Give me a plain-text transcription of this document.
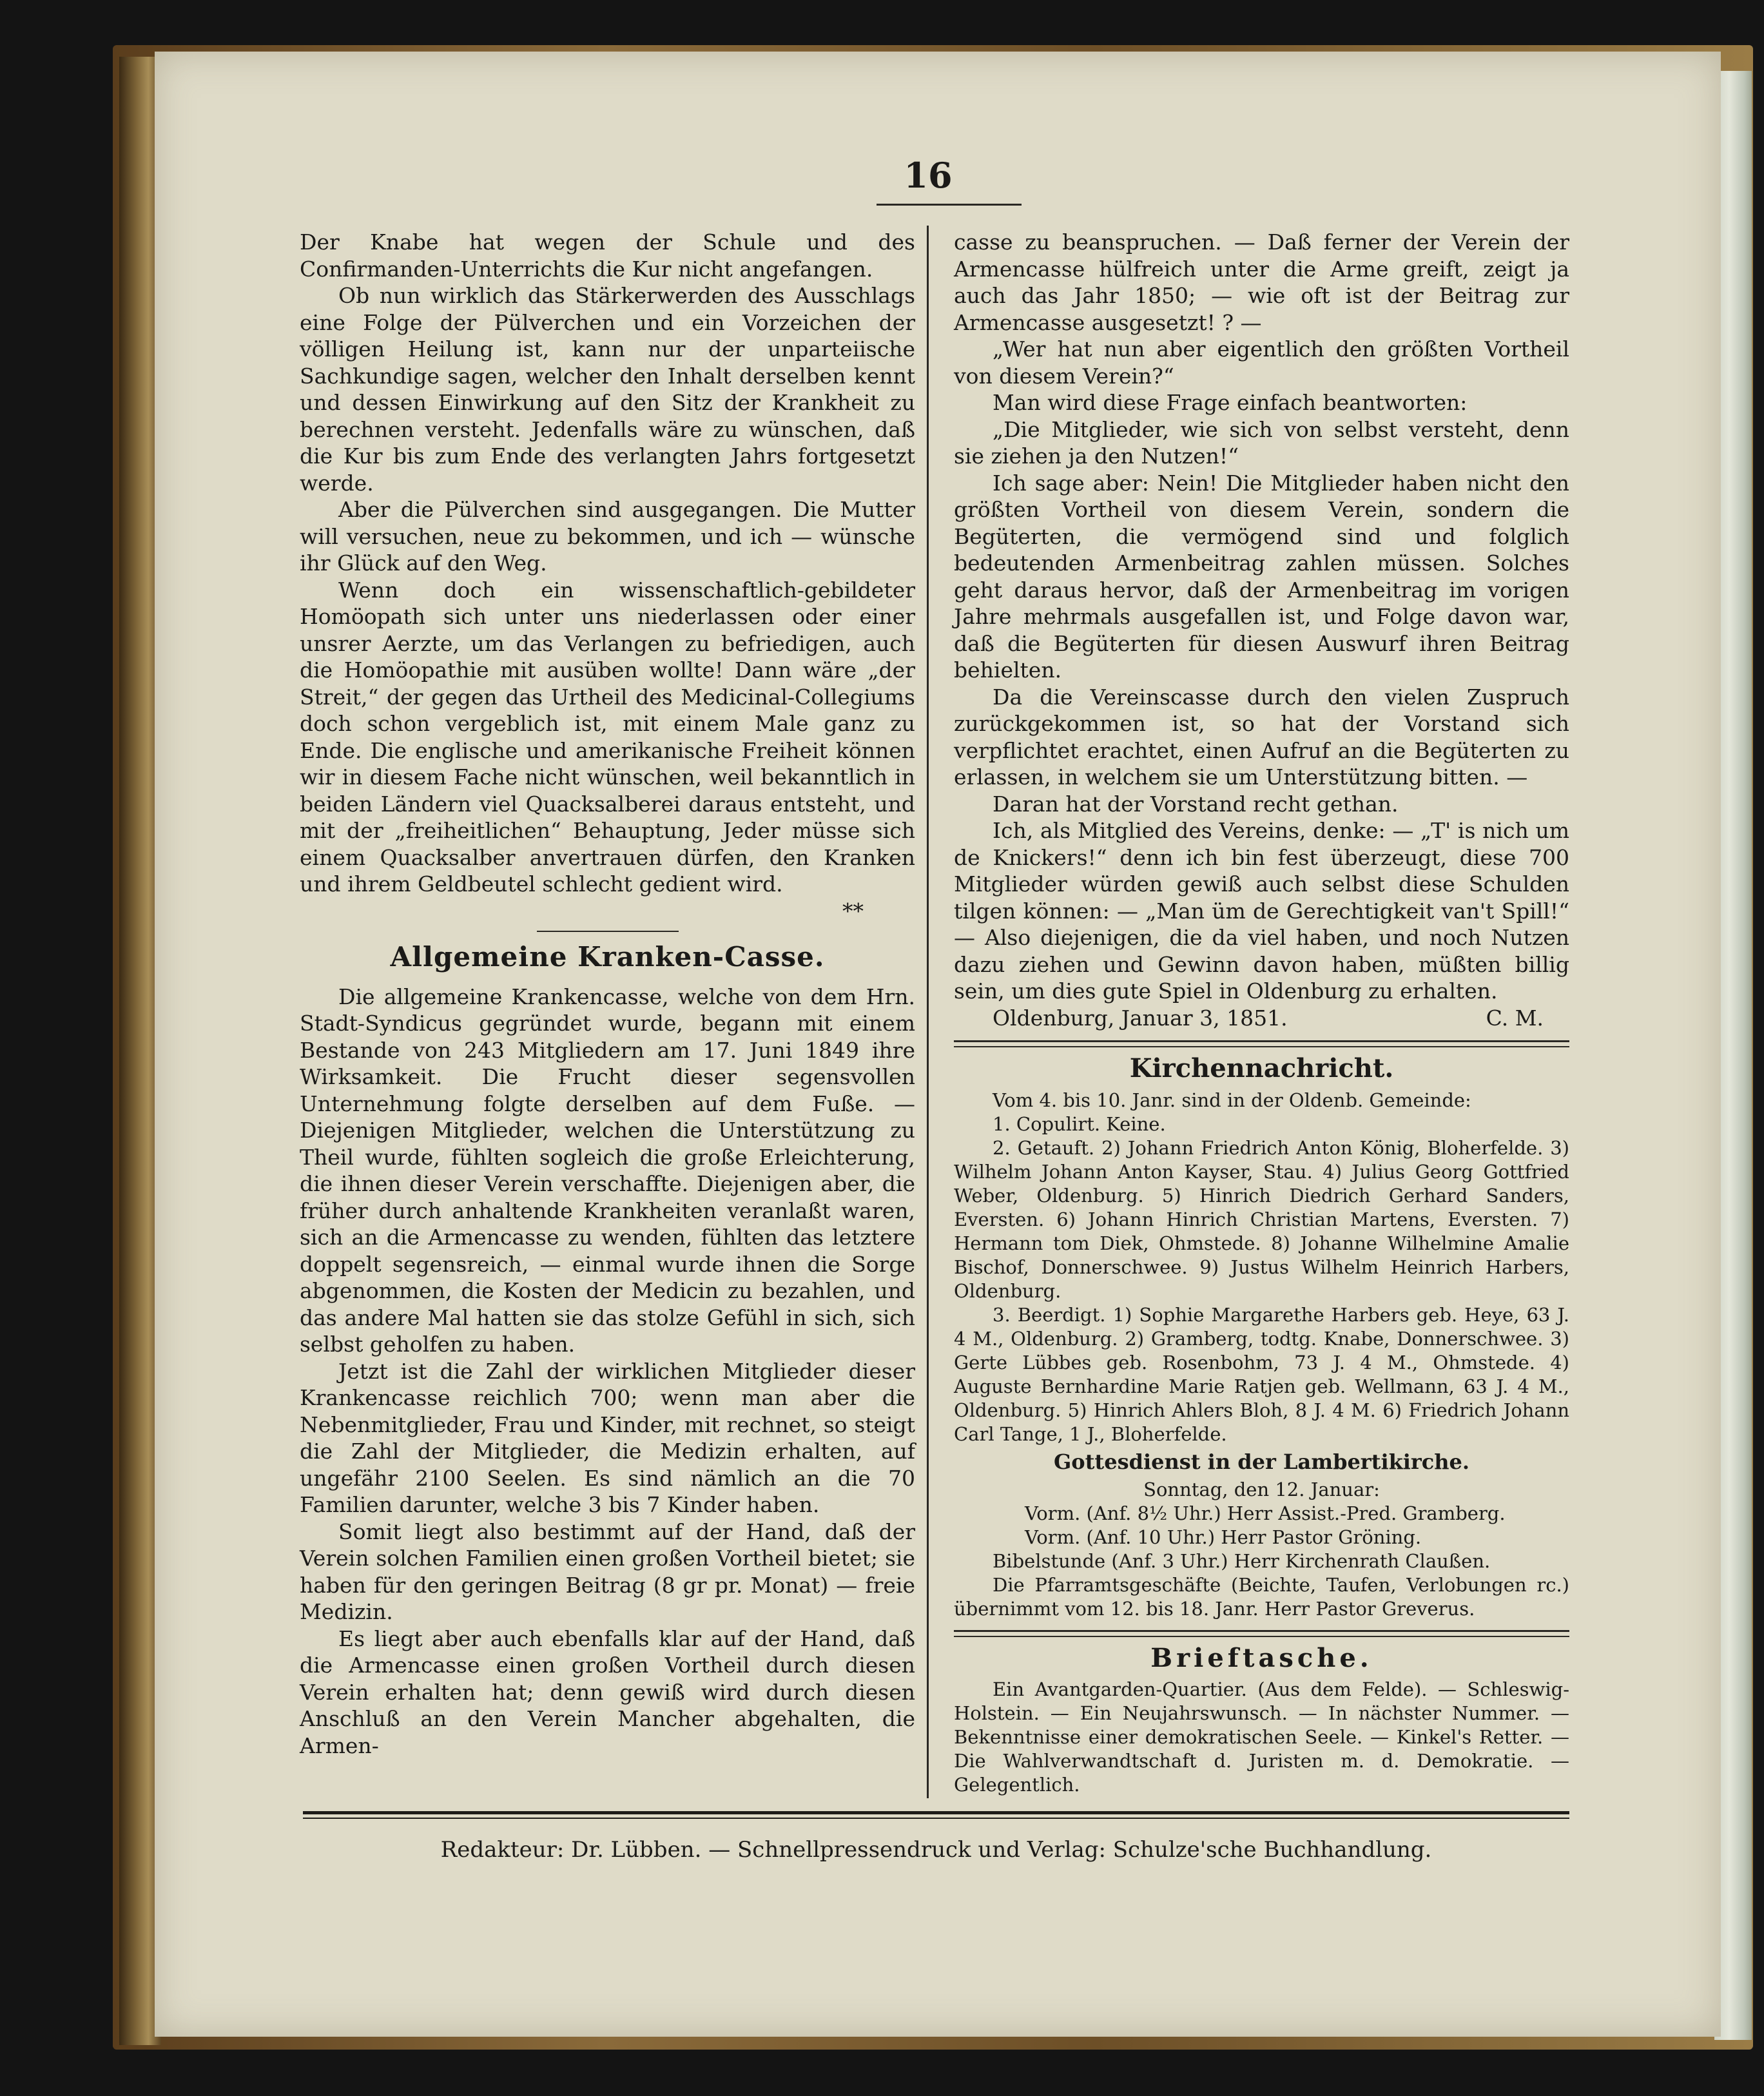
16

Der Knabe hat wegen der Schule und des Confirmanden-Unterrichts die Kur nicht angefangen.

Ob nun wirklich das Stärkerwerden des Ausschlags eine Folge der Pülverchen und ein Vorzeichen der völligen Heilung ist, kann nur der unparteiische Sachkundige sagen, welcher den Inhalt derselben kennt und dessen Einwirkung auf den Sitz der Krankheit zu berechnen versteht. Jedenfalls wäre zu wünschen, daß die Kur bis zum Ende des verlangten Jahrs fortgesetzt werde.

Aber die Pülverchen sind ausgegangen. Die Mutter will versuchen, neue zu bekommen, und ich — wünsche ihr Glück auf den Weg.

Wenn doch ein wissenschaftlich-gebildeter Homöopath sich unter uns niederlassen oder einer unsrer Aerzte, um das Verlangen zu befriedigen, auch die Homöopathie mit ausüben wollte! Dann wäre „der Streit,“ der gegen das Urtheil des Medicinal-Collegiums doch schon vergeblich ist, mit einem Male ganz zu Ende. Die englische und amerikanische Freiheit können wir in diesem Fache nicht wünschen, weil bekanntlich in beiden Ländern viel Quacksalberei daraus entsteht, und mit der „freiheitlichen“ Behauptung, Jeder müsse sich einem Quacksalber anvertrauen dürfen, den Kranken und ihrem Geldbeutel schlecht gedient wird.

**
Allgemeine Kranken-Casse.

Die allgemeine Krankencasse, welche von dem Hrn. Stadt-Syndicus gegründet wurde, begann mit einem Bestande von 243 Mitgliedern am 17. Juni 1849 ihre Wirksamkeit. Die Frucht dieser segensvollen Unternehmung folgte derselben auf dem Fuße. — Diejenigen Mitglieder, welchen die Unterstützung zu Theil wurde, fühlten sogleich die große Erleichterung, die ihnen dieser Verein verschaffte. Diejenigen aber, die früher durch anhaltende Krankheiten veranlaßt waren, sich an die Armencasse zu wenden, fühlten das letztere doppelt segensreich, — einmal wurde ihnen die Sorge abgenommen, die Kosten der Medicin zu bezahlen, und das andere Mal hatten sie das stolze Gefühl in sich, sich selbst geholfen zu haben.

Jetzt ist die Zahl der wirklichen Mitglieder dieser Krankencasse reichlich 700; wenn man aber die Nebenmitglieder, Frau und Kinder, mit rechnet, so steigt die Zahl der Mitglieder, die Medizin erhalten, auf ungefähr 2100 Seelen. Es sind nämlich an die 70 Familien darunter, welche 3 bis 7 Kinder haben.

Somit liegt also bestimmt auf der Hand, daß der Verein solchen Familien einen großen Vortheil bietet; sie haben für den geringen Beitrag (8 gr pr. Monat) — freie Medizin.

Es liegt aber auch ebenfalls klar auf der Hand, daß die Armencasse einen großen Vortheil durch diesen Verein erhalten hat; denn gewiß wird durch diesen Anschluß an den Verein Mancher abgehalten, die Armen-

casse zu beanspruchen. — Daß ferner der Verein der Armencasse hülfreich unter die Arme greift, zeigt ja auch das Jahr 1850; — wie oft ist der Beitrag zur Armencasse ausgesetzt! ? —

„Wer hat nun aber eigentlich den größten Vortheil von diesem Verein?“

Man wird diese Frage einfach beantworten:

„Die Mitglieder, wie sich von selbst versteht, denn sie ziehen ja den Nutzen!“

Ich sage aber: Nein! Die Mitglieder haben nicht den größten Vortheil von diesem Verein, sondern die Begüterten, die vermögend sind und folglich bedeutenden Armenbeitrag zahlen müssen. Solches geht daraus hervor, daß der Armenbeitrag im vorigen Jahre mehrmals ausgefallen ist, und Folge davon war, daß die Begüterten für diesen Auswurf ihren Beitrag behielten.

Da die Vereinscasse durch den vielen Zuspruch zurückgekommen ist, so hat der Vorstand sich verpflichtet erachtet, einen Aufruf an die Begüterten zu erlassen, in welchem sie um Unterstützung bitten. —

Daran hat der Vorstand recht gethan.

Ich, als Mitglied des Vereins, denke: — „T' is nich um de Knickers!“ denn ich bin fest überzeugt, diese 700 Mitglieder würden gewiß auch selbst diese Schulden tilgen können: — „Man üm de Gerechtigkeit van't Spill!“ — Also diejenigen, die da viel haben, und noch Nutzen dazu ziehen und Gewinn davon haben, müßten billig sein, um dies gute Spiel in Oldenburg zu erhalten.

Oldenburg, Januar 3, 1851.	C. M.
Kirchennachricht.

Vom 4. bis 10. Janr. sind in der Oldenb. Gemeinde:

1. Copulirt. Keine.

2. Getauft. 2) Johann Friedrich Anton König, Bloherfelde. 3) Wilhelm Johann Anton Kayser, Stau. 4) Julius Georg Gottfried Weber, Oldenburg. 5) Hinrich Diedrich Gerhard Sanders, Eversten. 6) Johann Hinrich Christian Martens, Eversten. 7) Hermann tom Diek, Ohmstede. 8) Johanne Wilhelmine Amalie Bischof, Donnerschwee. 9) Justus Wilhelm Heinrich Harbers, Oldenburg.

3. Beerdigt. 1) Sophie Margarethe Harbers geb. Heye, 63 J. 4 M., Oldenburg. 2) Gramberg, todtg. Knabe, Donnerschwee. 3) Gerte Lübbes geb. Rosenbohm, 73 J. 4 M., Ohmstede. 4) Auguste Bernhardine Marie Ratjen geb. Wellmann, 63 J. 4 M., Oldenburg. 5) Hinrich Ahlers Bloh, 8 J. 4 M. 6) Friedrich Johann Carl Tange, 1 J., Bloherfelde.

Gottesdienst in der Lambertikirche.
Sonntag, den 12. Januar:
Vorm. (Anf. 8½ Uhr.) Herr Assist.-Pred. Gramberg.
Vorm. (Anf. 10 Uhr.) Herr Pastor Gröning.
Bibelstunde (Anf. 3 Uhr.) Herr Kirchenrath Claußen.

Die Pfarramtsgeschäfte (Beichte, Taufen, Verlobungen rc.) übernimmt vom 12. bis 18. Janr. Herr Pastor Greverus.

Brieftasche.

Ein Avantgarden-Quartier. (Aus dem Felde). — Schleswig-Holstein. — Ein Neujahrswunsch. — In nächster Nummer. — Bekenntnisse einer demokratischen Seele. — Kinkel's Retter. — Die Wahlverwandtschaft d. Juristen m. d. Demokratie. — Gelegentlich.

Redakteur: Dr. Lübben. — Schnellpressendruck und Verlag: Schulze'sche Buchhandlung.
